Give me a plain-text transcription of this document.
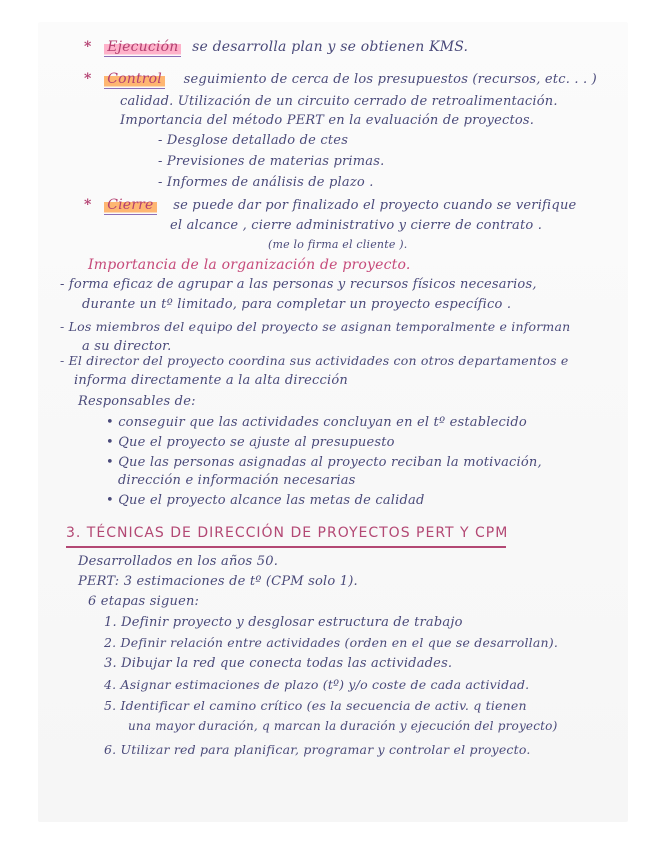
* Ejecución se desarrolla plan y se obtienen KMS.
* Control seguimiento de cerca de los presupuestos (recursos, etc. . . )
calidad. Utilización de un circuito cerrado de retroalimentación.
Importancia del método PERT en la evaluación de proyectos.
- Desglose detallado de ctes
- Previsiones de materias primas.
- Informes de análisis de plazo .
* Cierre se puede dar por finalizado el proyecto cuando se verifique
el alcance , cierre administrativo y cierre de contrato .
(me lo firma el cliente ).
Importancia de la organización de proyecto.
- forma eficaz de agrupar a las personas y recursos físicos necesarios,
durante un tº limitado, para completar un proyecto específico .
- Los miembros del equipo del proyecto se asignan temporalmente e informan
a su director.
- El director del proyecto coordina sus actividades con otros departamentos e
informa directamente a la alta dirección
Responsables de:
• conseguir que las actividades concluyan en el tº establecido
• Que el proyecto se ajuste al presupuesto
• Que las personas asignadas al proyecto reciban la motivación,
dirección e información necesarias
• Que el proyecto alcance las metas de calidad
3. TÉCNICAS DE DIRECCIÓN DE PROYECTOS PERT Y CPM
Desarrollados en los años 50.
PERT: 3 estimaciones de tº (CPM solo 1).
6 etapas siguen:
1. Definir proyecto y desglosar estructura de trabajo
2. Definir relación entre actividades (orden en el que se desarrollan).
3. Dibujar la red que conecta todas las actividades.
4. Asignar estimaciones de plazo (tº) y/o coste de cada actividad.
5. Identificar el camino crítico (es la secuencia de activ. q tienen
una mayor duración, q marcan la duración y ejecución del proyecto)
6. Utilizar red para planificar, programar y controlar el proyecto.
